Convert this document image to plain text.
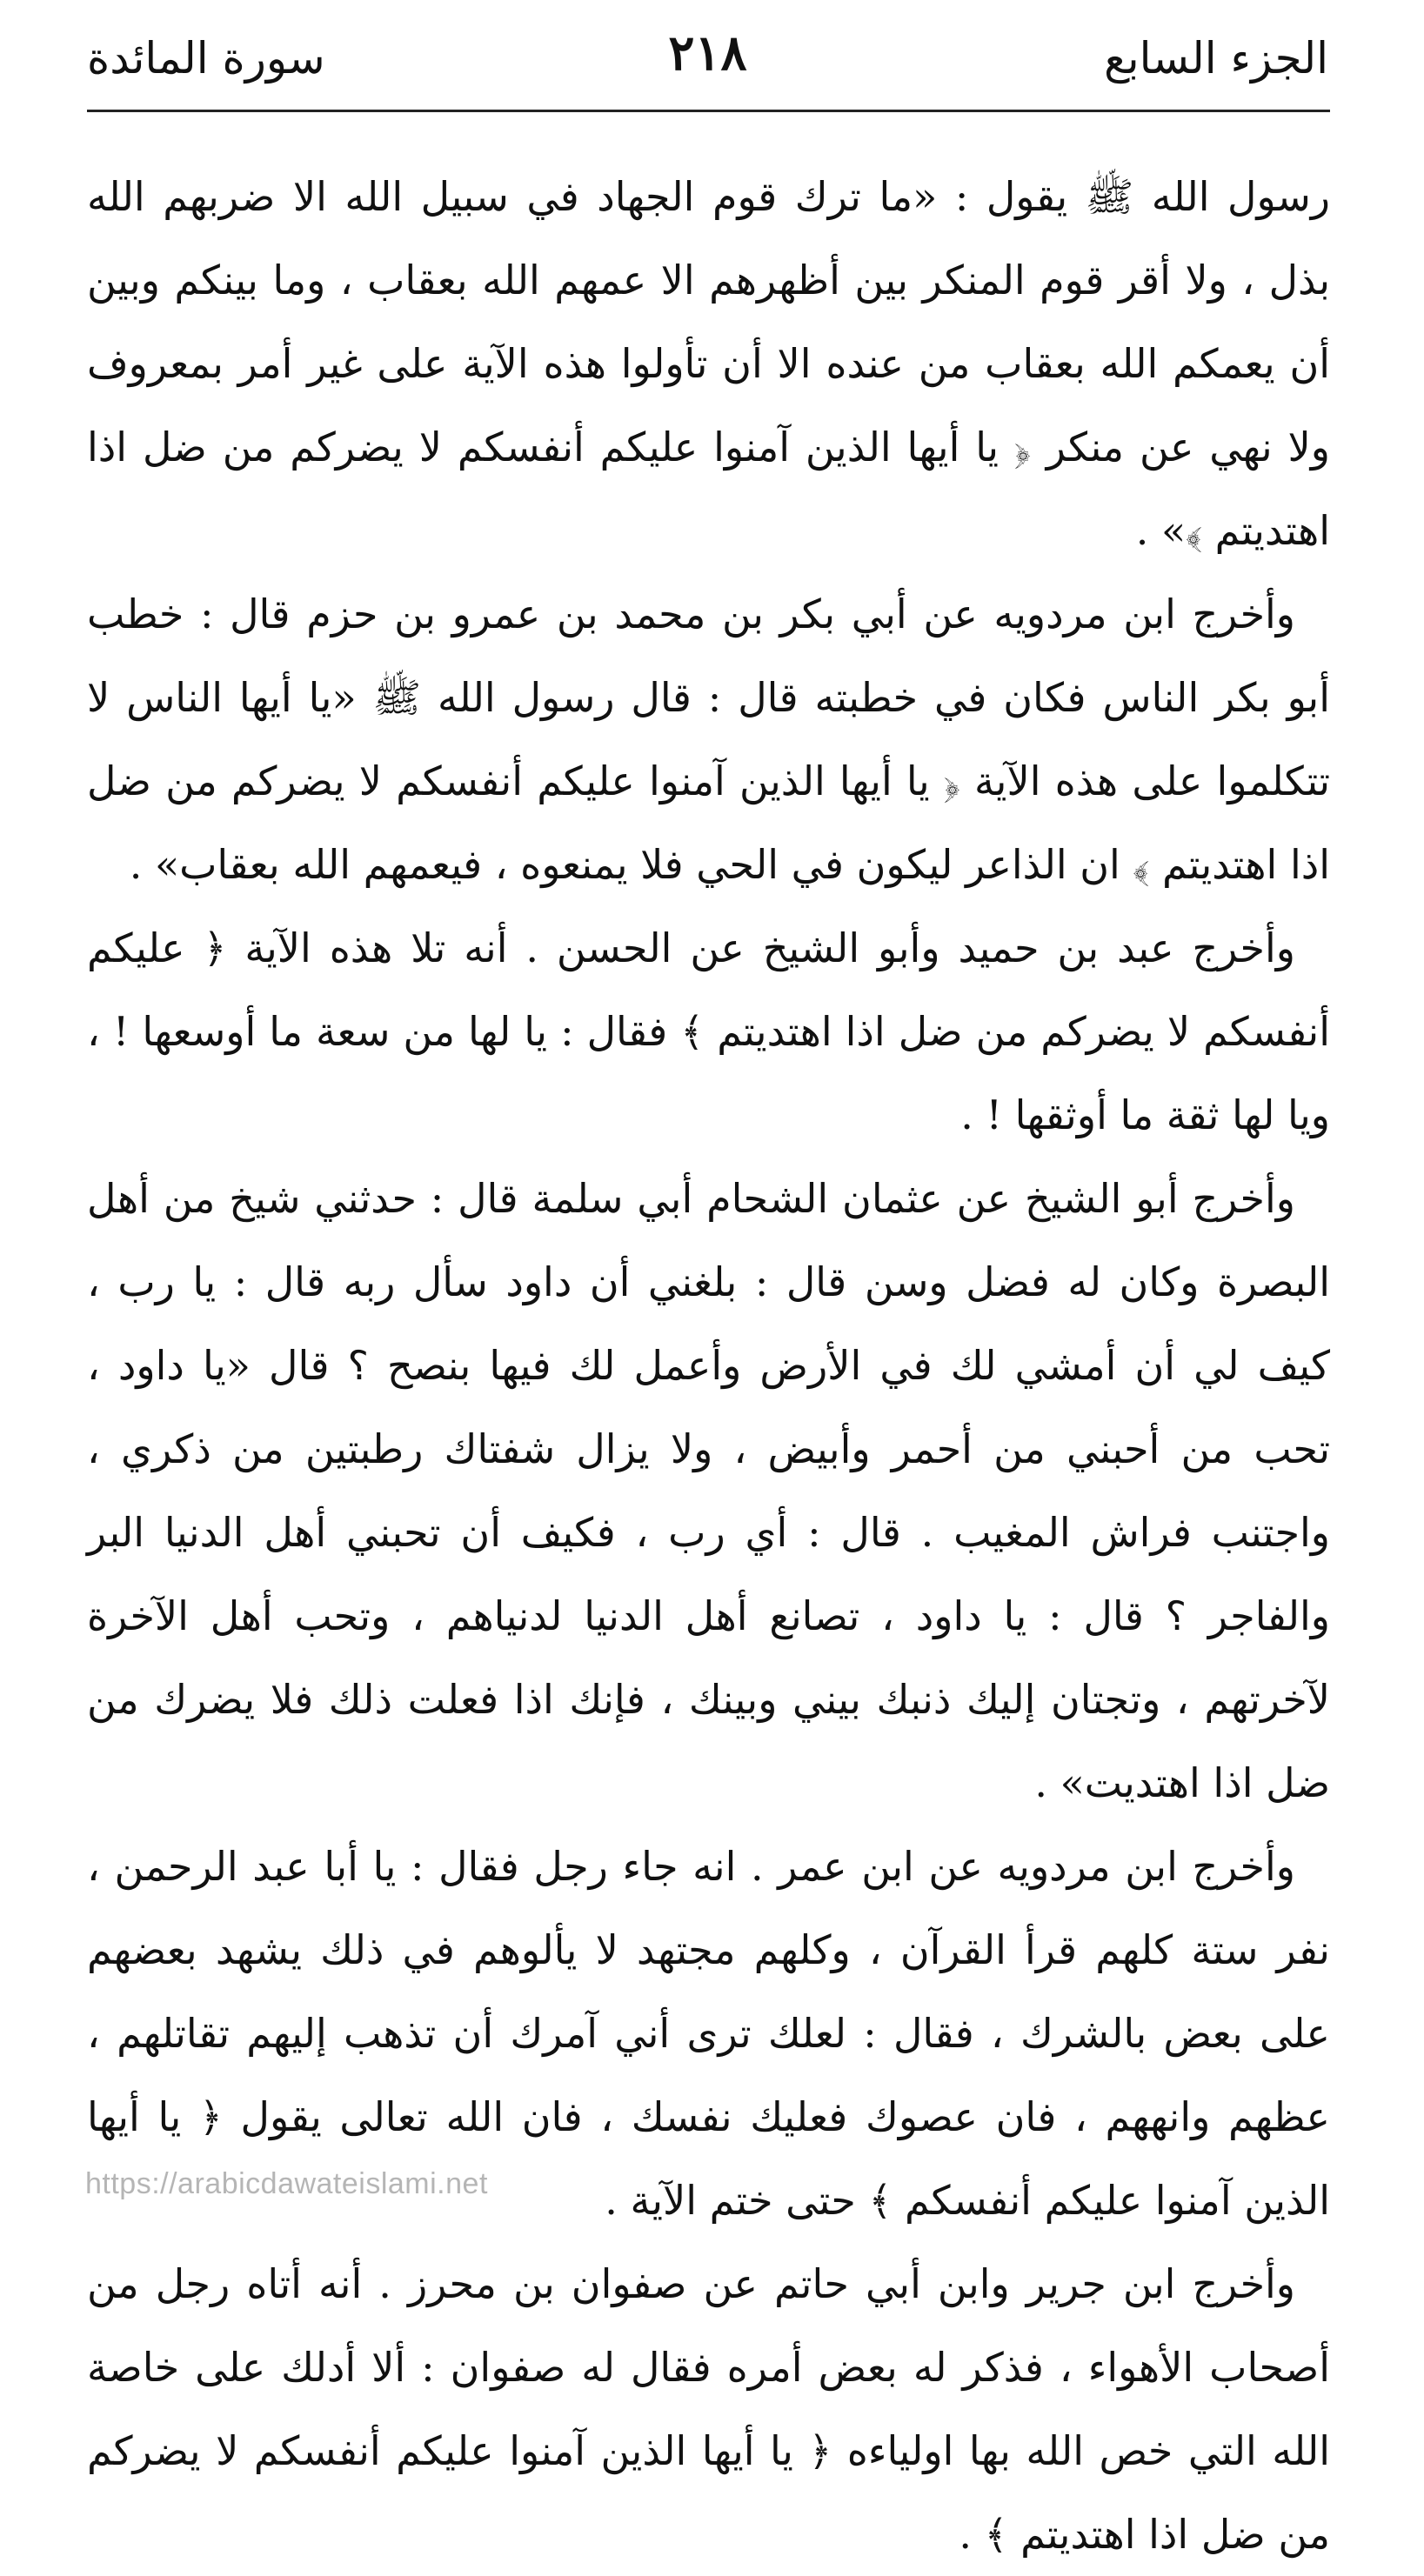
الجزء السابع
٢١٨
سورة المائدة

رسول الله ﷺ يقول : «ما ترك قوم الجهاد في سبيل الله الا ضربهم الله بذل ، ولا أقر قوم المنكر بين أظهرهم الا عمهم الله بعقاب ، وما بينكم وبين أن يعمكم الله بعقاب من عنده الا أن تأولوا هذه الآية على غير أمر بمعروف ولا نهي عن منكر ﴿ يا أيها الذين آمنوا عليكم أنفسكم لا يضركم من ضل اذا اهتديتم ﴾» .

وأخرج ابن مردويه عن أبي بكر بن محمد بن عمرو بن حزم قال : خطب أبو بكر الناس فكان في خطبته قال : قال رسول الله ﷺ «يا أيها الناس لا تتكلموا على هذه الآية ﴿ يا أيها الذين آمنوا عليكم أنفسكم لا يضركم من ضل اذا اهتديتم ﴾ ان الذاعر ليكون في الحي فلا يمنعوه ، فيعمهم الله بعقاب» .

وأخرج عبد بن حميد وأبو الشيخ عن الحسن . أنه تلا هذه الآية ﴿ عليكم أنفسكم لا يضركم من ضل اذا اهتديتم ﴾ فقال : يا لها من سعة ما أوسعها ! ، ويا لها ثقة ما أوثقها ! .

وأخرج أبو الشيخ عن عثمان الشحام أبي سلمة قال : حدثني شيخ من أهل البصرة وكان له فضل وسن قال : بلغني أن داود سأل ربه قال : يا رب ، كيف لي أن أمشي لك في الأرض وأعمل لك فيها بنصح ؟ قال «يا داود ، تحب من أحبني من أحمر وأبيض ، ولا يزال شفتاك رطبتين من ذكري ، واجتنب فراش المغيب . قال : أي رب ، فكيف أن تحبني أهل الدنيا البر والفاجر ؟ قال : يا داود ، تصانع أهل الدنيا لدنياهم ، وتحب أهل الآخرة لآخرتهم ، وتجتان إليك ذنبك بيني وبينك ، فإنك اذا فعلت ذلك فلا يضرك من ضل اذا اهتديت» .

وأخرج ابن مردويه عن ابن عمر . انه جاء رجل فقال : يا أبا عبد الرحمن ، نفر ستة كلهم قرأ القرآن ، وكلهم مجتهد لا يألوهم في ذلك يشهد بعضهم على بعض بالشرك ، فقال : لعلك ترى أني آمرك أن تذهب إليهم تقاتلهم ، عظهم وانههم ، فان عصوك فعليك نفسك ، فان الله تعالى يقول ﴿ يا أيها الذين آمنوا عليكم أنفسكم ﴾ حتى ختم الآية .

وأخرج ابن جرير وابن أبي حاتم عن صفوان بن محرز . أنه أتاه رجل من أصحاب الأهواء ، فذكر له بعض أمره فقال له صفوان : ألا أدلك على خاصة الله التي خص الله بها اولياءه ﴿ يا أيها الذين آمنوا عليكم أنفسكم لا يضركم من ضل اذا اهتديتم ﴾ .

https://arabicdawateislami.net
